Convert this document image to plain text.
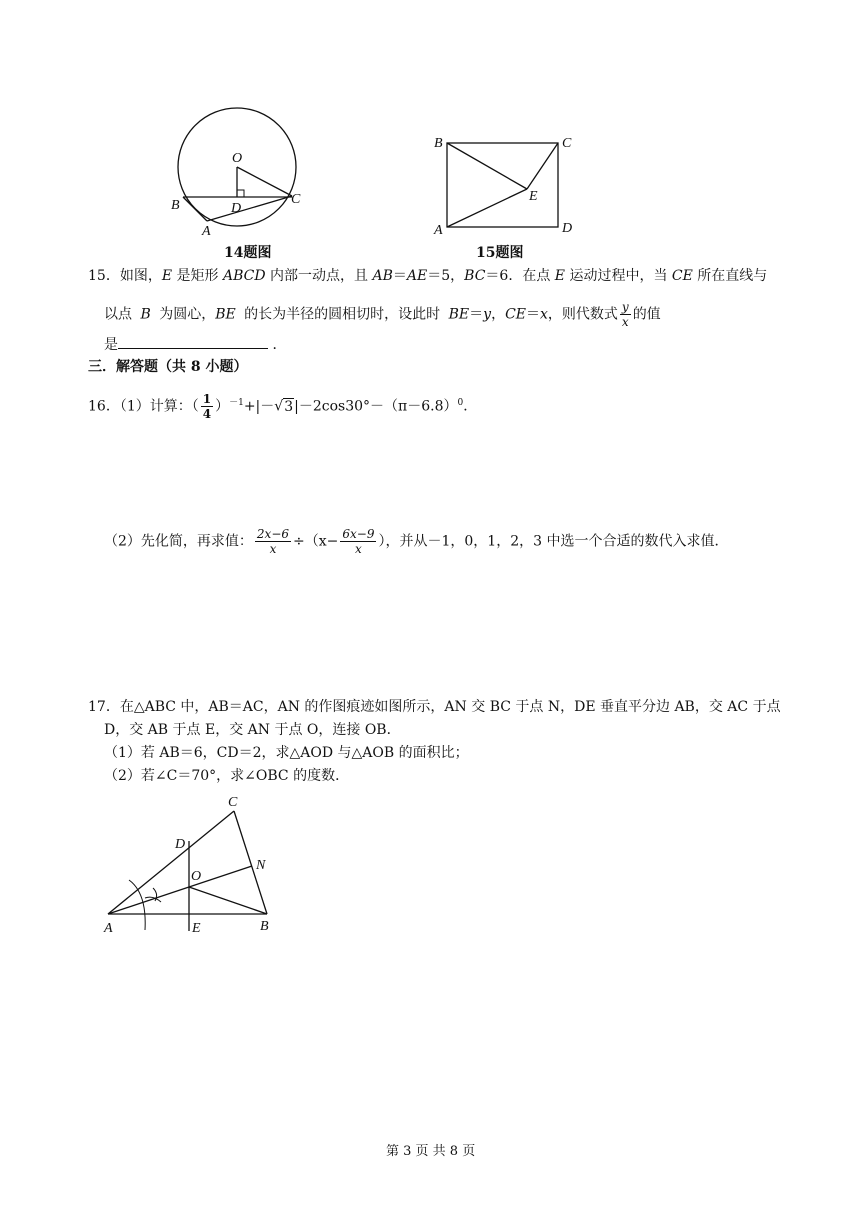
O
D
B	C
A
14题图
B	C
E
A	D
15题图
15．如图，E 是矩形 ABCD 内部一动点，且 AB＝AE＝5，BC＝6．在点 E 运动过程中，当 CE 所在直线与
以点 B 为圆心，BE 的长为半径的圆相切时，设此时 BE＝y，CE＝x，则代数式 $\frac{y}{x}$ 的值
是	．
三．解答题（共 8 小题）
16．（1）计算：（ $\frac{1}{4} )^{-1}+|-√3|-2\cos 30^\circ-(\pi-6.8)^0$．
（2）先化简，再求值： $\frac{2x-6}{x} \div(x- \frac{6x-9}{x}$ ），并从－1，0，1，2，3 中选一个合适的数代入求值．
17．在△ABC 中，AB＝AC，AN 的作图痕迹如图所示，AN 交 BC 于点 N，DE 垂直平分边 AB，交 AC 于点
D，交 AB 于点 E，交 AN 于点 O，连接 OB．
（1）若 AB＝6，CD＝2，求△AOD 与△AOB 的面积比；
（2）若∠C＝70°，求∠OBC 的度数．
C
D
N
O
A	E	B
第 3 页 共 8 页
